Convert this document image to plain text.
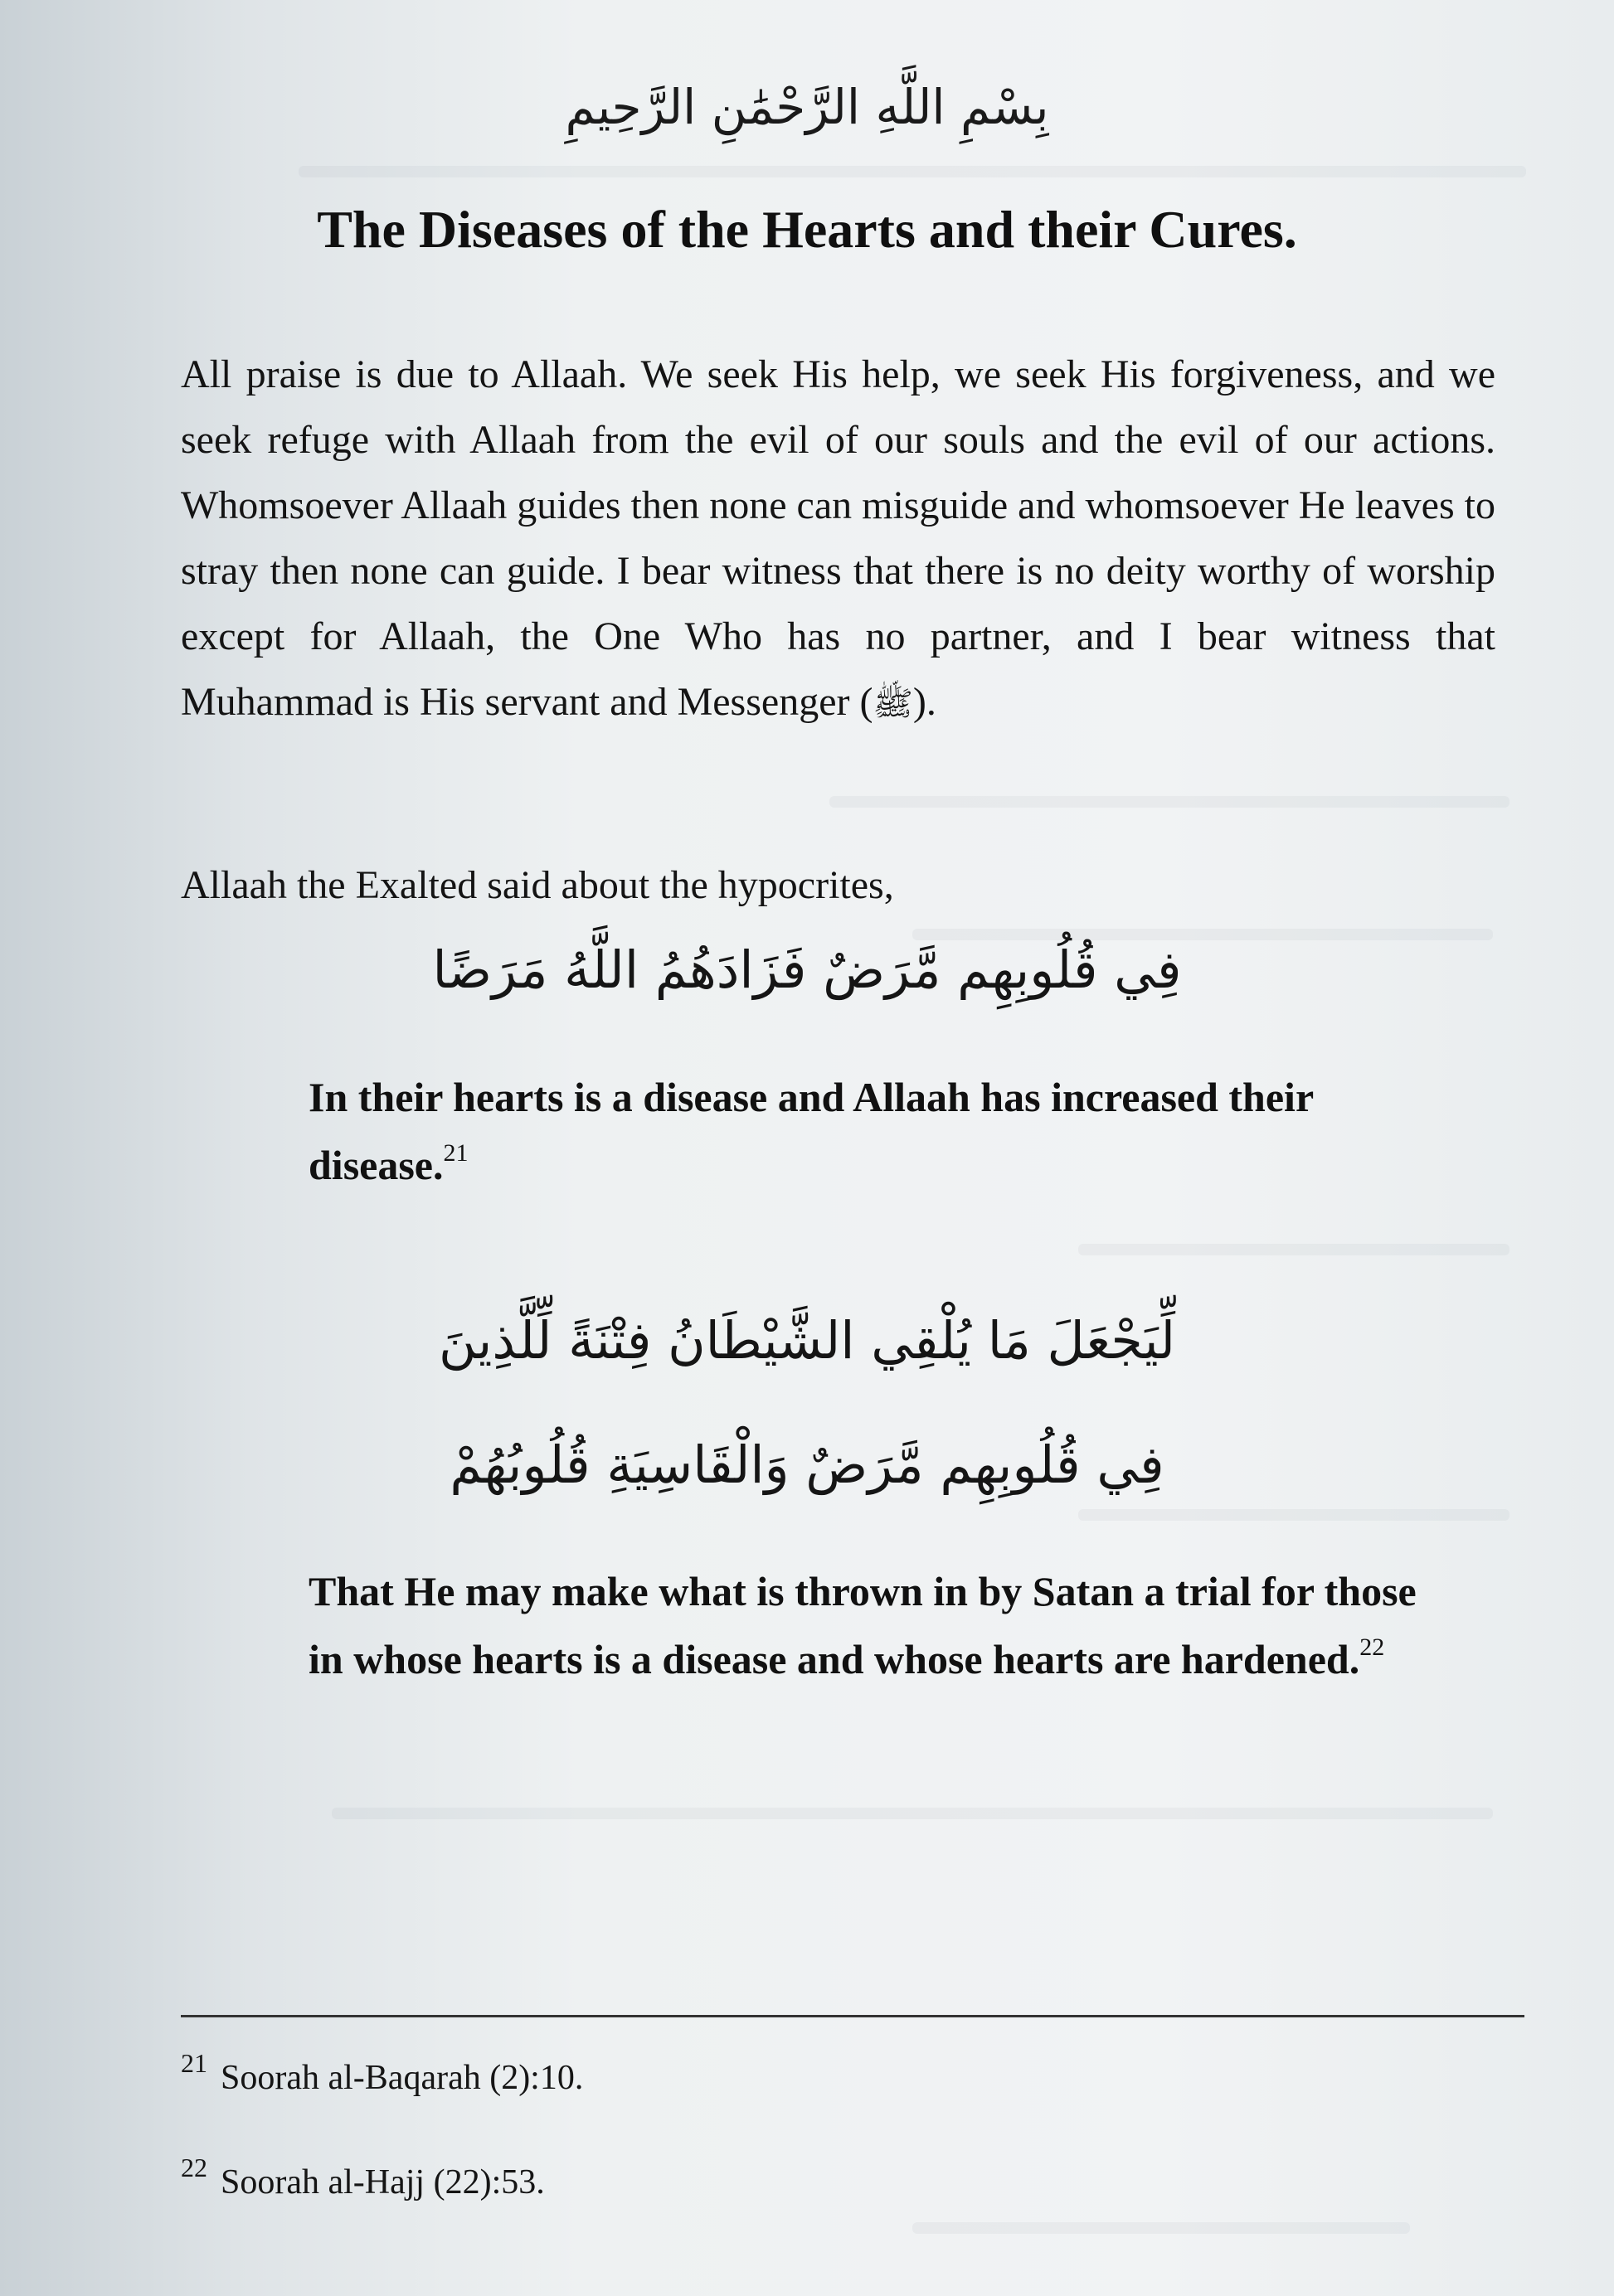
بِسْمِ اللَّهِ الرَّحْمَٰنِ الرَّحِيمِ
The Diseases of the Hearts and their Cures.

All praise is due to Allaah. We seek His help, we seek His forgiveness, and we seek refuge with Allaah from the evil of our souls and the evil of our actions. Whomsoever Allaah guides then none can misguide and whomsoever He leaves to stray then none can guide. I bear witness that there is no deity worthy of worship except for Allaah, the One Who has no partner, and I bear witness that Muhammad is His servant and Messenger (ﷺ).

Allaah the Exalted said about the hypocrites,
فِي قُلُوبِهِم مَّرَضٌ فَزَادَهُمُ اللَّهُ مَرَضًا
In their hearts is a disease and Allaah has increased their disease.$^{21}$
لِّيَجْعَلَ مَا يُلْقِي الشَّيْطَانُ فِتْنَةً لِّلَّذِينَ
فِي قُلُوبِهِم مَّرَضٌ وَالْقَاسِيَةِ قُلُوبُهُمْ
That He may make what is thrown in by Satan a trial for those in whose hearts is a disease and whose hearts are hardened.$^{22}$
$^{21}$ Soorah al-Baqarah (2):10.
$^{22}$ Soorah al-Hajj (22):53.
